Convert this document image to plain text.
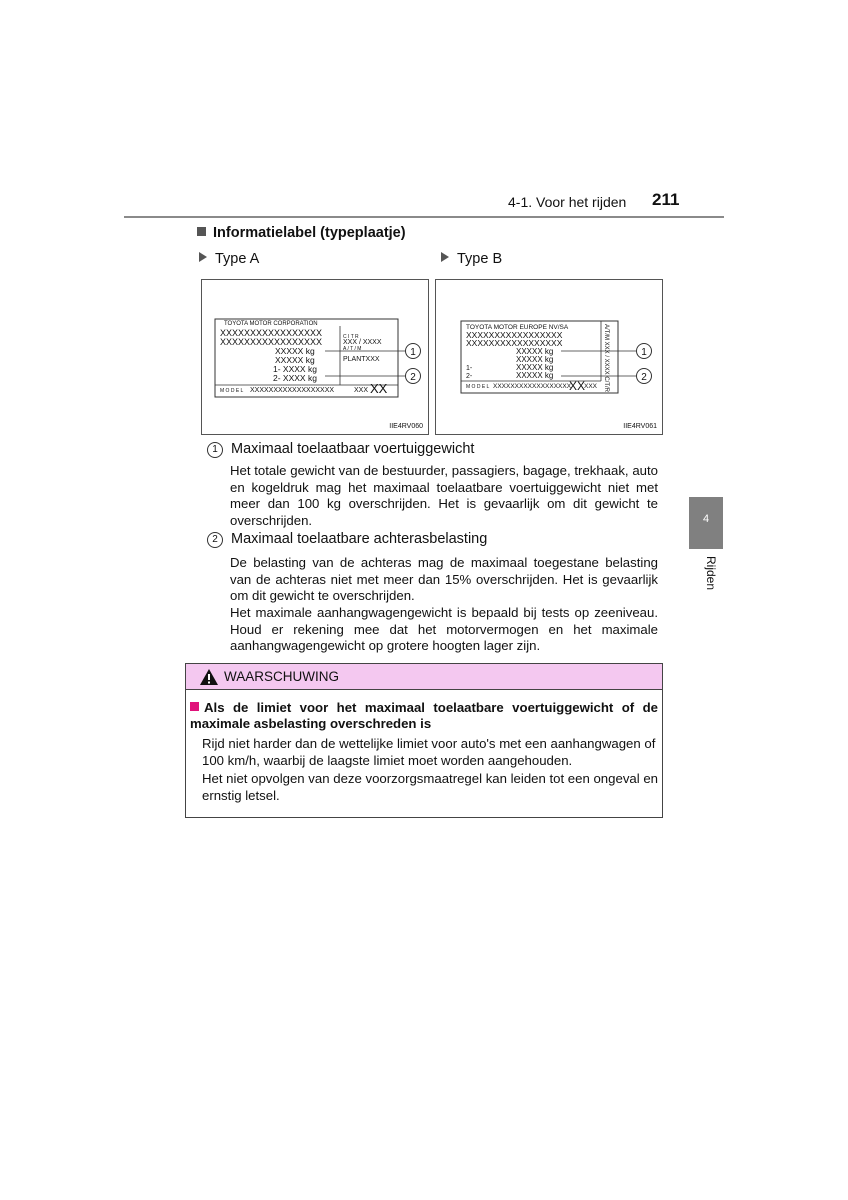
4-1. Voor het rijden 211
4
Rijden
Informatielabel (typeplaatje)
Type A	Type B
TOYOTA MOTOR CORPORATION
XXXXXXXXXXXXXXXXX
XXXXXXXXXXXXXXXXX
XXXXX kg
XXXXX kg
1- XXXX kg
2- XXXX kg
C I T R
XXX / XXXX
A / T / M
PLANTXXX
M O D E L XXXXXXXXXXXXXXXXXX	XXX XX
1
2
IIE4RV060
TOYOTA MOTOR EUROPE NV/SA
XXXXXXXXXXXXXXXXX
XXXXXXXXXXXXXXXXX
XXXXX kg
XXXXX kg
1-	XXXXX kg
2-	XXXXX kg	A/T/M XXX / XXXX C/T/R
M O D E L XXXXXXXXXXXXXXXXXX
XX
XXX
1
2
IIE4RV061
1 Maximaal toelaatbaar voertuiggewicht
Het totale gewicht van de bestuurder, passagiers, bagage, trekhaak, auto en kogeldruk mag het maximaal toelaatbare voertuiggewicht niet met meer dan 100 kg overschrijden. Het is gevaarlijk om dit gewicht te overschrijden.
2 Maximaal toelaatbare achterasbelasting
De belasting van de achteras mag de maximaal toegestane belasting van de achteras niet met meer dan 15% overschrijden. Het is gevaarlijk om dit gewicht te overschrijden.
Het maximale aanhangwagengewicht is bepaald bij tests op zeeniveau. Houd er rekening mee dat het motorvermogen en het maximale aanhangwagengewicht op grotere hoogten lager zijn.
WAARSCHUWING
Als de limiet voor het maximaal toelaatbare voertuiggewicht of de maximale asbelasting overschreden is
Rijd niet harder dan de wettelijke limiet voor auto's met een aanhangwagen of 100 km/h, waarbij de laagste limiet moet worden aangehouden.
Het niet opvolgen van deze voorzorgsmaatregel kan leiden tot een ongeval en ernstig letsel.
